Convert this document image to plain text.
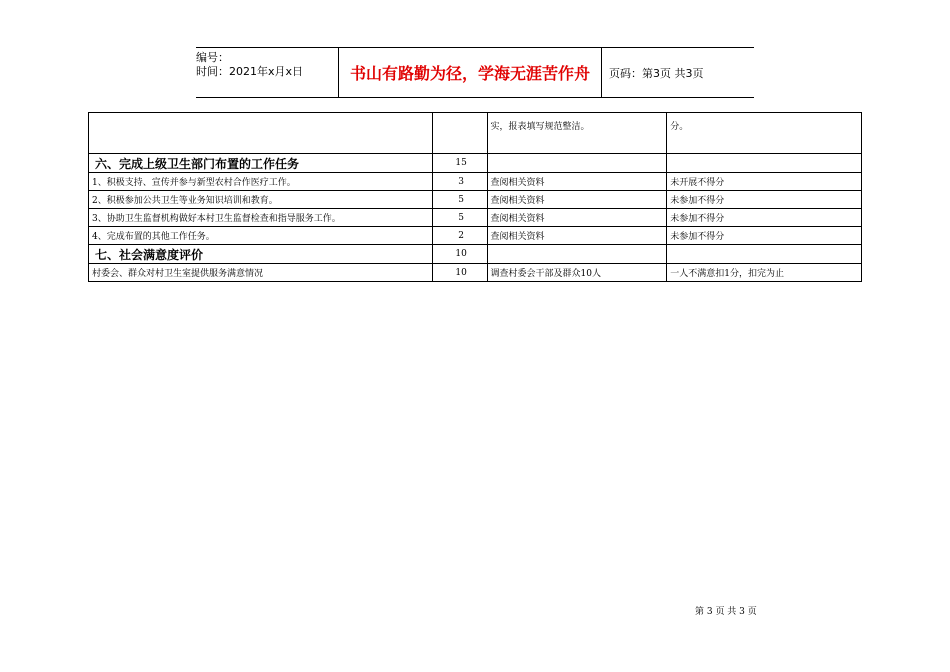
编号：
时间：2021年x月x日	书山有路勤为径，学海无涯苦作舟	页码：第3页 共3页
		实，报表填写规范整洁。	分。
六、完成上级卫生部门布置的工作任务	15		
1、积极支持、宣传并参与新型农村合作医疗工作。	3	查阅相关资料	未开展不得分
2、积极参加公共卫生等业务知识培训和教育。	5	查阅相关资料	未参加不得分
3、协助卫生监督机构做好本村卫生监督检查和指导服务工作。	5	查阅相关资料	未参加不得分
4、完成布置的其他工作任务。	2	查阅相关资料	未参加不得分
七、社会满意度评价	10		
村委会、群众对村卫生室提供服务满意情况	10	调查村委会干部及群众10人	一人不满意扣1分，扣完为止
第 3 页 共 3 页
